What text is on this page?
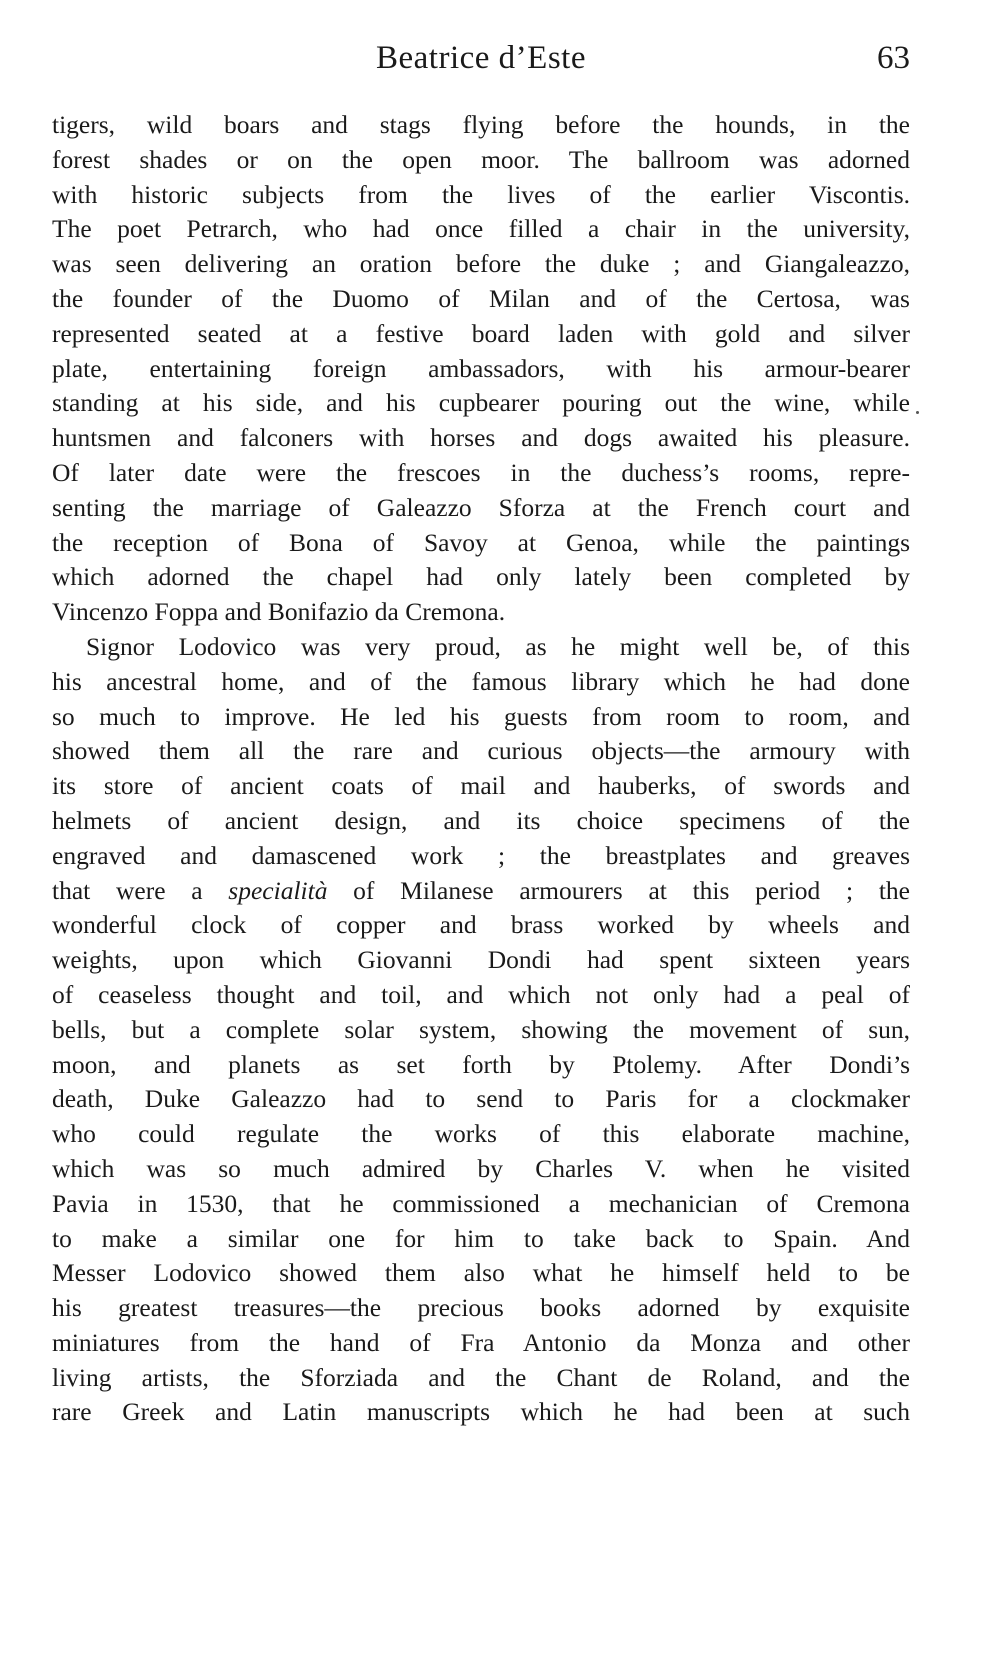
Beatrice d’Este	63
tigers, wild boars and stags flying before the hounds, in the
forest shades or on the open moor. The ballroom was adorned
with historic subjects from the lives of the earlier Viscontis.
The poet Petrarch, who had once filled a chair in the university,
was seen delivering an oration before the duke ; and Giangaleazzo,
the founder of the Duomo of Milan and of the Certosa, was
represented seated at a festive board laden with gold and silver
plate, entertaining foreign ambassadors, with his armour-bearer
standing at his side, and his cupbearer pouring out the wine, while
huntsmen and falconers with horses and dogs awaited his pleasure.
Of later date were the frescoes in the duchess’s rooms, repre-
senting the marriage of Galeazzo Sforza at the French court and
the reception of Bona of Savoy at Genoa, while the paintings
which adorned the chapel had only lately been completed by
Vincenzo Foppa and Bonifazio da Cremona.
Signor Lodovico was very proud, as he might well be, of this
his ancestral home, and of the famous library which he had done
so much to improve. He led his guests from room to room, and
showed them all the rare and curious objects—the armoury with
its store of ancient coats of mail and hauberks, of swords and
helmets of ancient design, and its choice specimens of the
engraved and damascened work ; the breastplates and greaves
that were a specialità of Milanese armourers at this period ; the
wonderful clock of copper and brass worked by wheels and
weights, upon which Giovanni Dondi had spent sixteen years
of ceaseless thought and toil, and which not only had a peal of
bells, but a complete solar system, showing the movement of sun,
moon, and planets as set forth by Ptolemy. After Dondi’s
death, Duke Galeazzo had to send to Paris for a clockmaker
who could regulate the works of this elaborate machine,
which was so much admired by Charles V. when he visited
Pavia in 1530, that he commissioned a mechanician of Cremona
to make a similar one for him to take back to Spain. And
Messer Lodovico showed them also what he himself held to be
his greatest treasures—the precious books adorned by exquisite
miniatures from the hand of Fra Antonio da Monza and other
living artists, the Sforziada and the Chant de Roland, and the
rare Greek and Latin manuscripts which he had been at such
